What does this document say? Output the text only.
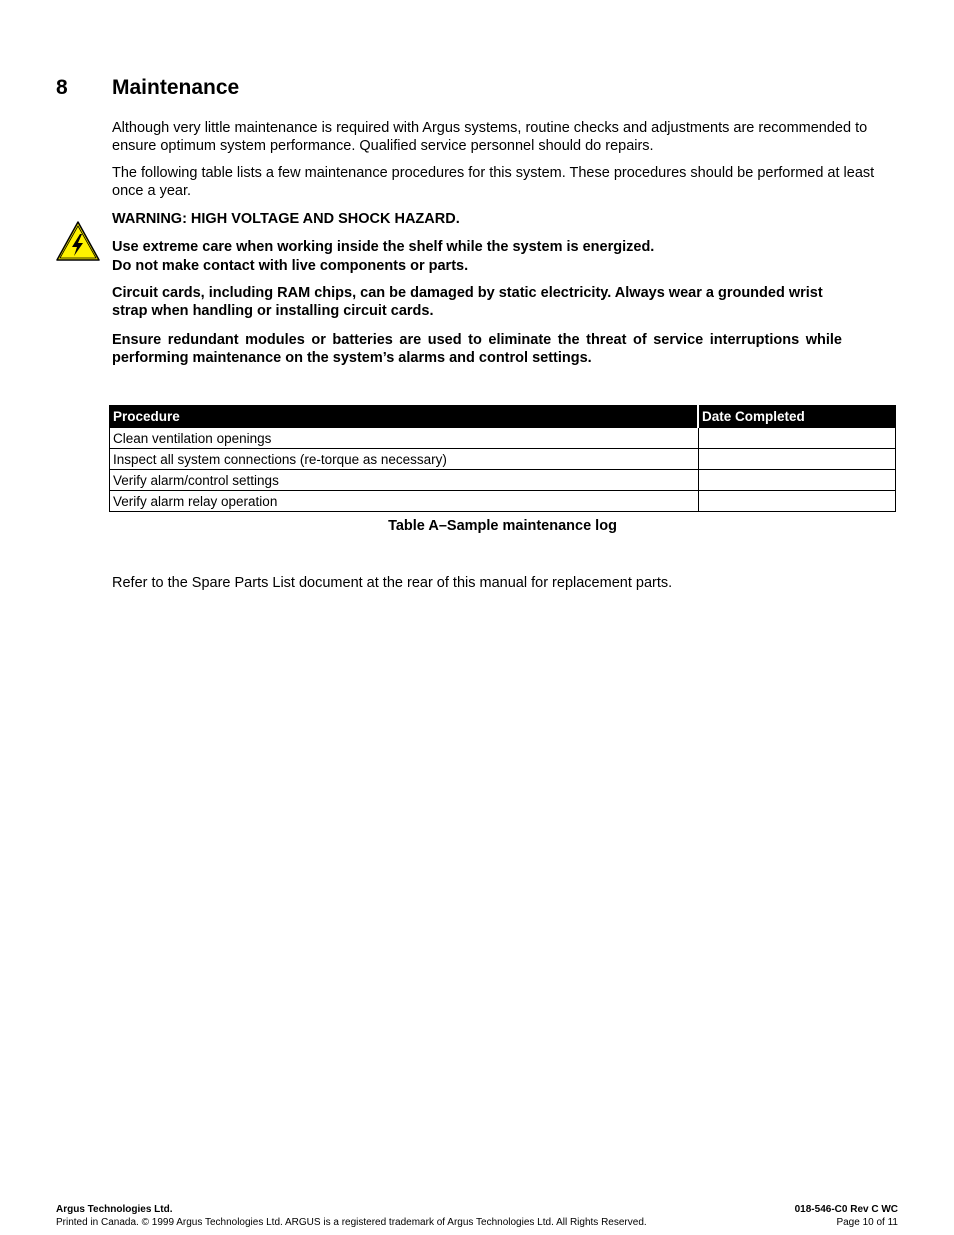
8	Maintenance
Although very little maintenance is required with Argus systems, routine checks and adjustments are recommended to ensure optimum system performance. Qualified service personnel should do repairs.
The following table lists a few maintenance procedures for this system. These procedures should be performed at least once a year.
WARNING: HIGH VOLTAGE AND SHOCK HAZARD.
Use extreme care when working inside the shelf while the system is energized.
Do not make contact with live components or parts.
Circuit cards, including RAM chips, can be damaged by static electricity. Always wear a grounded wrist strap when handling or installing circuit cards.
Ensure redundant modules or batteries are used to eliminate the threat of service interruptions while performing maintenance on the system’s alarms and control settings.
Procedure	Date Completed
Clean ventilation openings	
Inspect all system connections (re-torque as necessary)	
Verify alarm/control settings	
Verify alarm relay operation	
Table A–Sample maintenance log
Refer to the Spare Parts List document at the rear of this manual for replacement parts.
Argus Technologies Ltd.
Printed in Canada. © 1999 Argus Technologies Ltd. ARGUS is a registered trademark of Argus Technologies Ltd. All Rights Reserved.
018-546-C0 Rev C WC
Page 10 of 11
